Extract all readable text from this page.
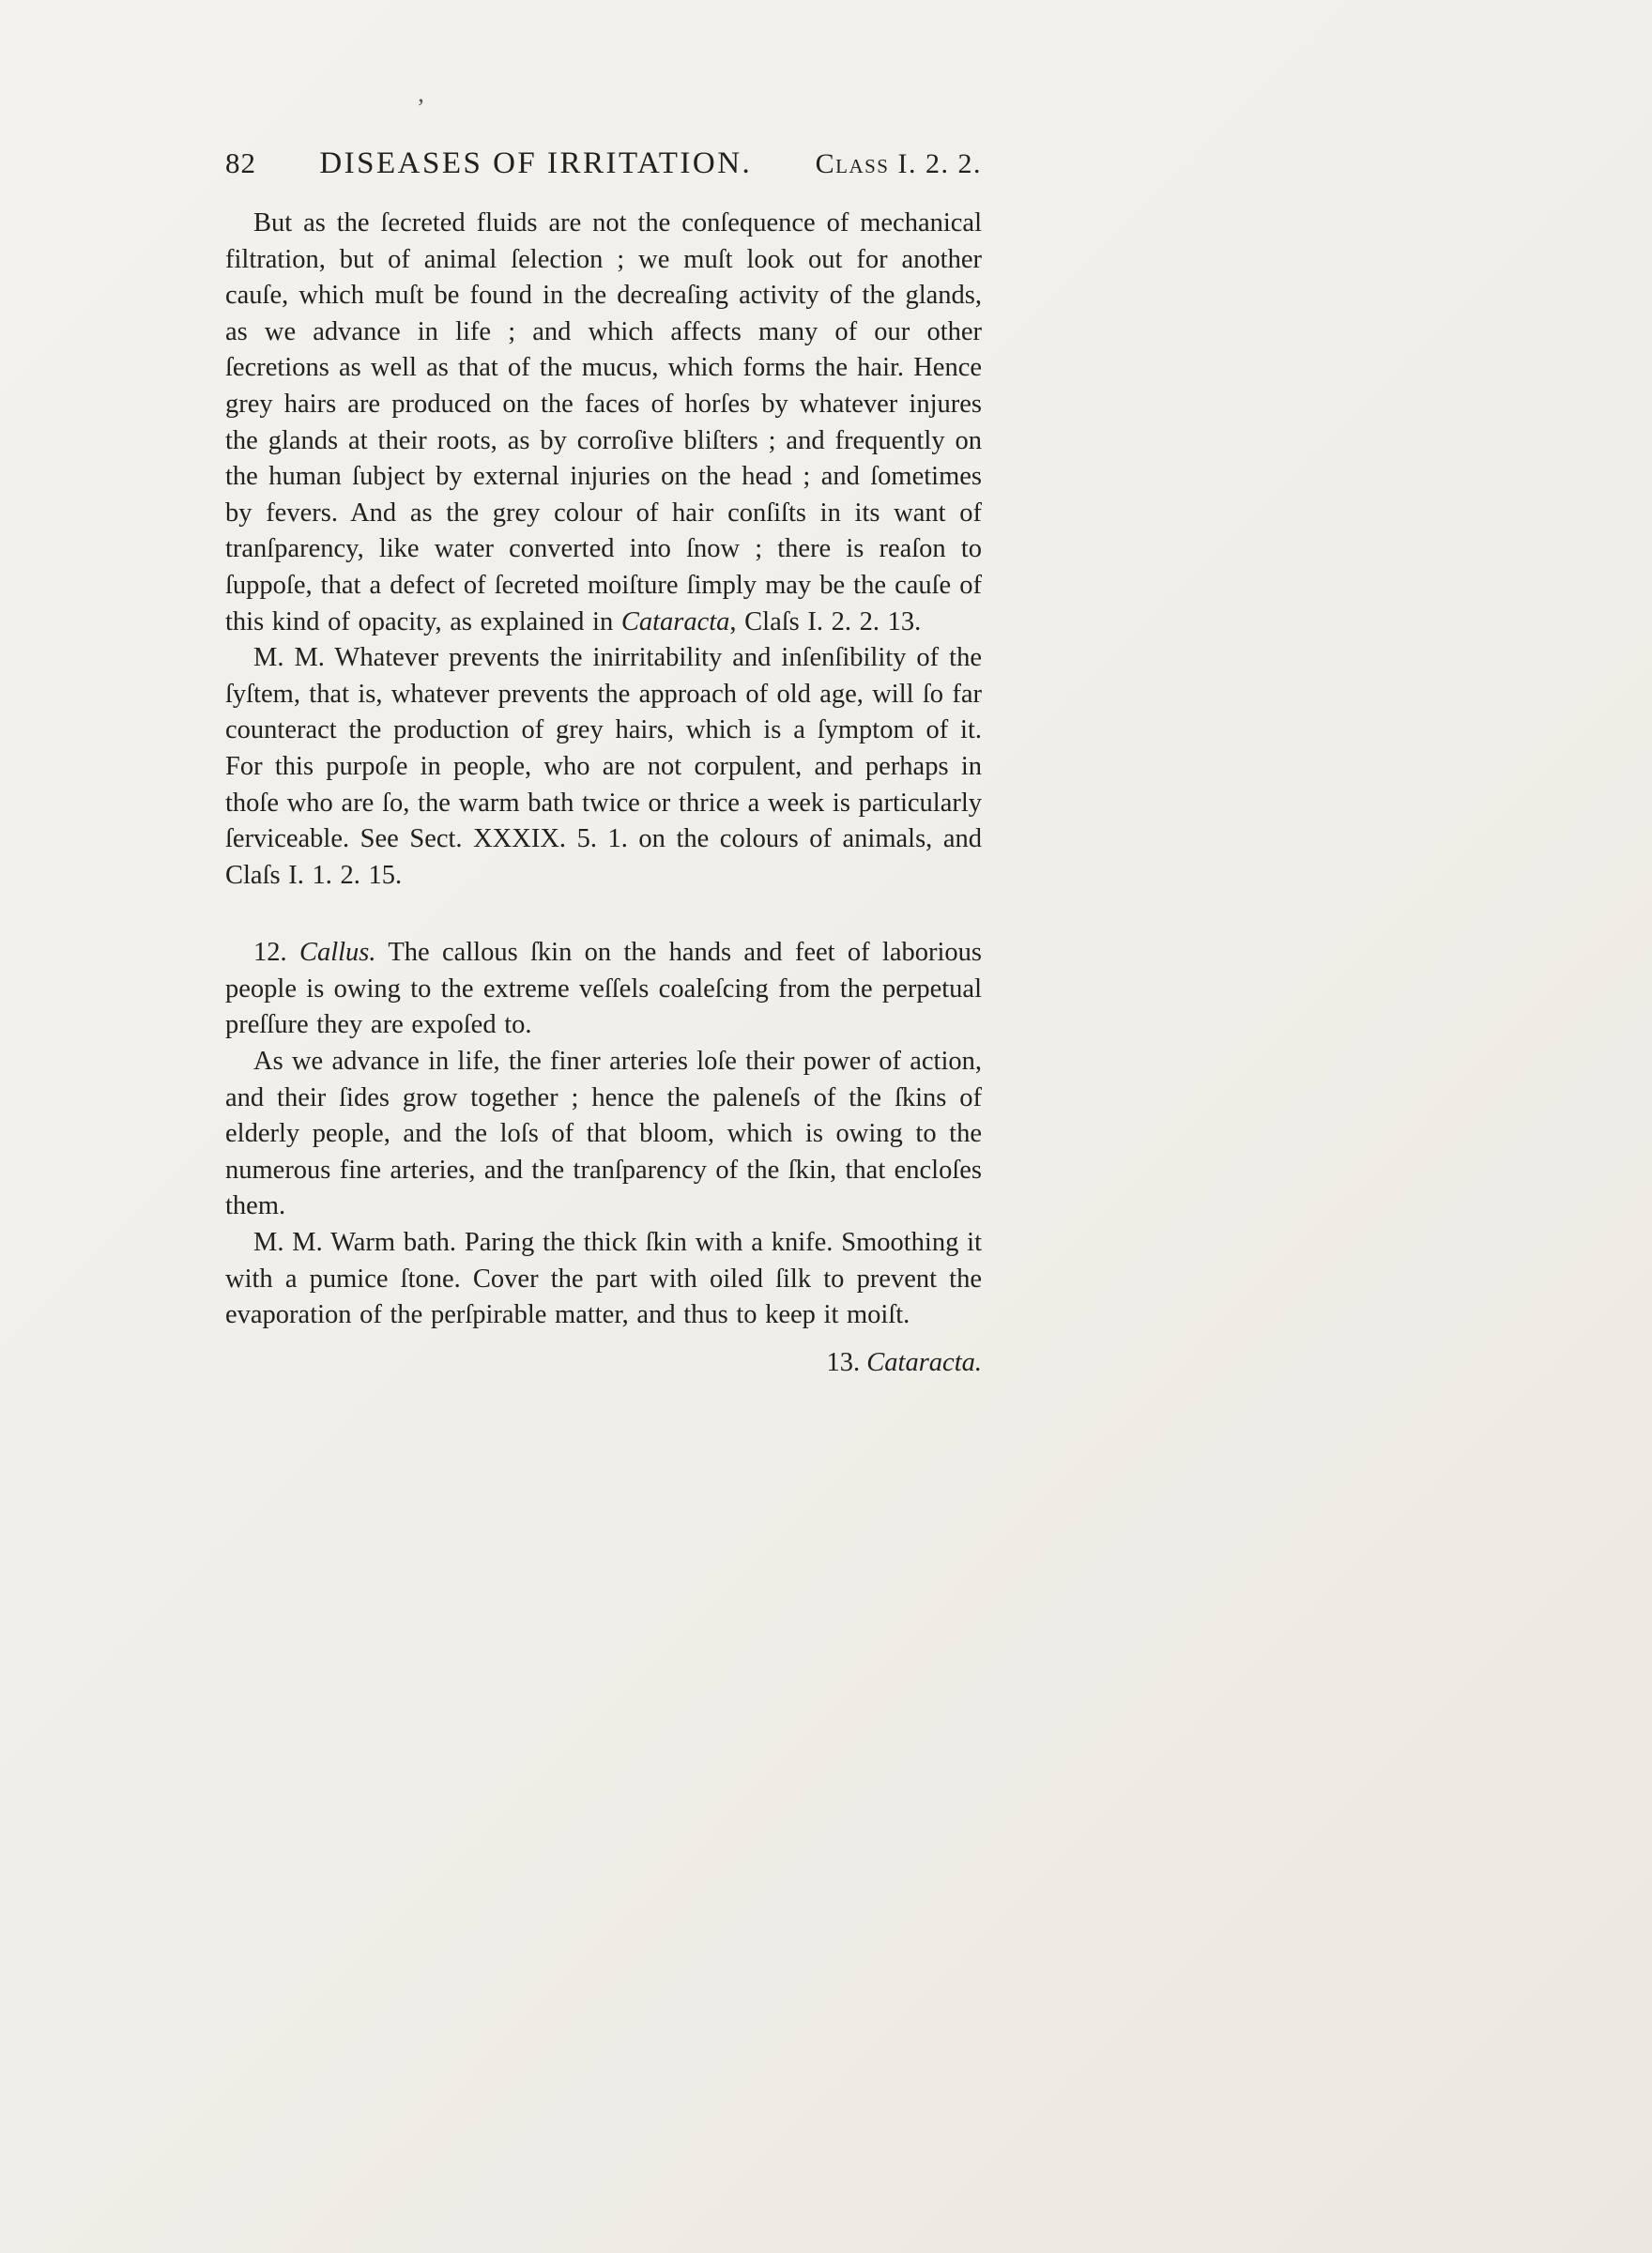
’
82 DISEASES OF IRRITATION. Class I. 2. 2.

But as the ſecreted fluids are not the conſequence of mechanical filtration, but of animal ſelection ; we muſt look out for another cauſe, which muſt be found in the decreaſing activity of the glands, as we advance in life ; and which affects many of our other ſecretions as well as that of the mucus, which forms the hair. Hence grey hairs are produced on the faces of horſes by whatever injures the glands at their roots, as by corroſive bliſters ; and frequently on the human ſubject by external injuries on the head ; and ſometimes by fevers. And as the grey colour of hair conſiſts in its want of tranſparency, like water converted into ſnow ; there is reaſon to ſuppoſe, that a defect of ſecreted moiſture ſimply may be the cauſe of this kind of opacity, as explained in Cataracta, Claſs I. 2. 2. 13.

M. M. Whatever prevents the inirritability and inſenſibility of the ſyſtem, that is, whatever prevents the approach of old age, will ſo far counteract the production of grey hairs, which is a ſymptom of it. For this purpoſe in people, who are not corpulent, and perhaps in thoſe who are ſo, the warm bath twice or thrice a week is particularly ſerviceable. See Sect. XXXIX. 5. 1. on the colours of animals, and Claſs I. 1. 2. 15.

12. Callus. The callous ſkin on the hands and feet of laborious people is owing to the extreme veſſels coaleſcing from the perpetual preſſure they are expoſed to.

As we advance in life, the finer arteries loſe their power of action, and their ſides grow together ; hence the paleneſs of the ſkins of elderly people, and the loſs of that bloom, which is owing to the numerous fine arteries, and the tranſparency of the ſkin, that encloſes them.

M. M. Warm bath. Paring the thick ſkin with a knife. Smoothing it with a pumice ſtone. Cover the part with oiled ſilk to prevent the evaporation of the perſpirable matter, and thus to keep it moiſt.

13. Cataracta.
